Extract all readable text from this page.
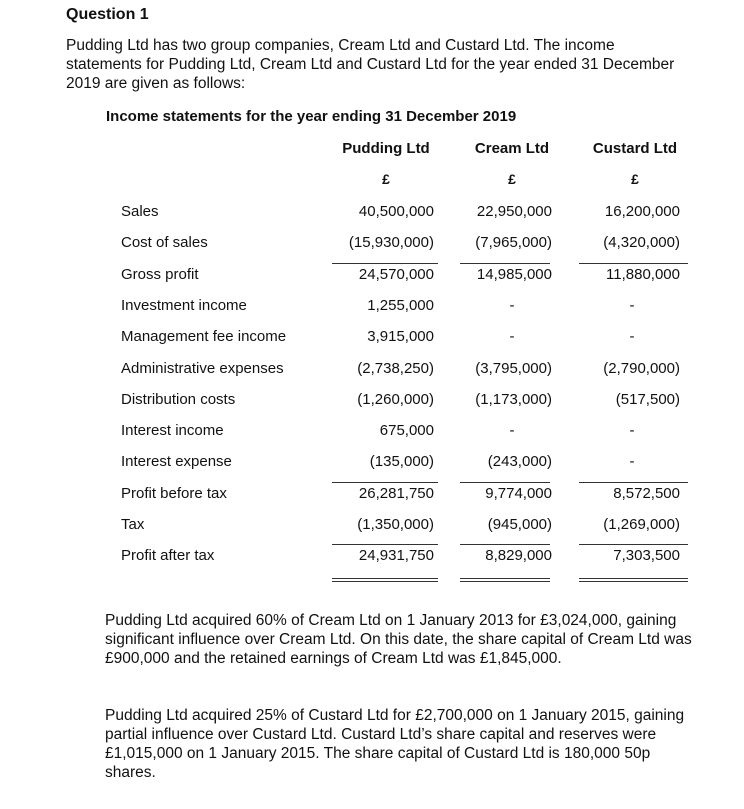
Question 1
Pudding Ltd has two group companies, Cream Ltd and Custard Ltd. The income statements for Pudding Ltd, Cream Ltd and Custard Ltd for the year ended 31 December 2019 are given as follows:
Income statements for the year ending 31 December 2019
Pudding Ltd	Cream Ltd	Custard Ltd
£	£	£
Sales	40,500,000	22,950,000	16,200,000
Cost of sales	(15,930,000)	(7,965,000)	(4,320,000)
Gross profit	24,570,000	14,985,000	11,880,000
Investment income	1,255,000	-	-
Management fee income	3,915,000	-	-
Administrative expenses	(2,738,250)	(3,795,000)	(2,790,000)
Distribution costs	(1,260,000)	(1,173,000)	(517,500)
Interest income	675,000	-	-
Interest expense	(135,000)	(243,000)	-
Profit before tax	26,281,750	9,774,000	8,572,500
Tax	(1,350,000)	(945,000)	(1,269,000)
Profit after tax	24,931,750	8,829,000	7,303,500
Pudding Ltd acquired 60% of Cream Ltd on 1 January 2013 for £3,024,000, gaining significant influence over Cream Ltd. On this date, the share capital of Cream Ltd was £900,000 and the retained earnings of Cream Ltd was £1,845,000.
Pudding Ltd acquired 25% of Custard Ltd for £2,700,000 on 1 January 2015, gaining partial influence over Custard Ltd. Custard Ltd’s share capital and reserves were £1,015,000 on 1 January 2015. The share capital of Custard Ltd is 180,000 50p shares.
